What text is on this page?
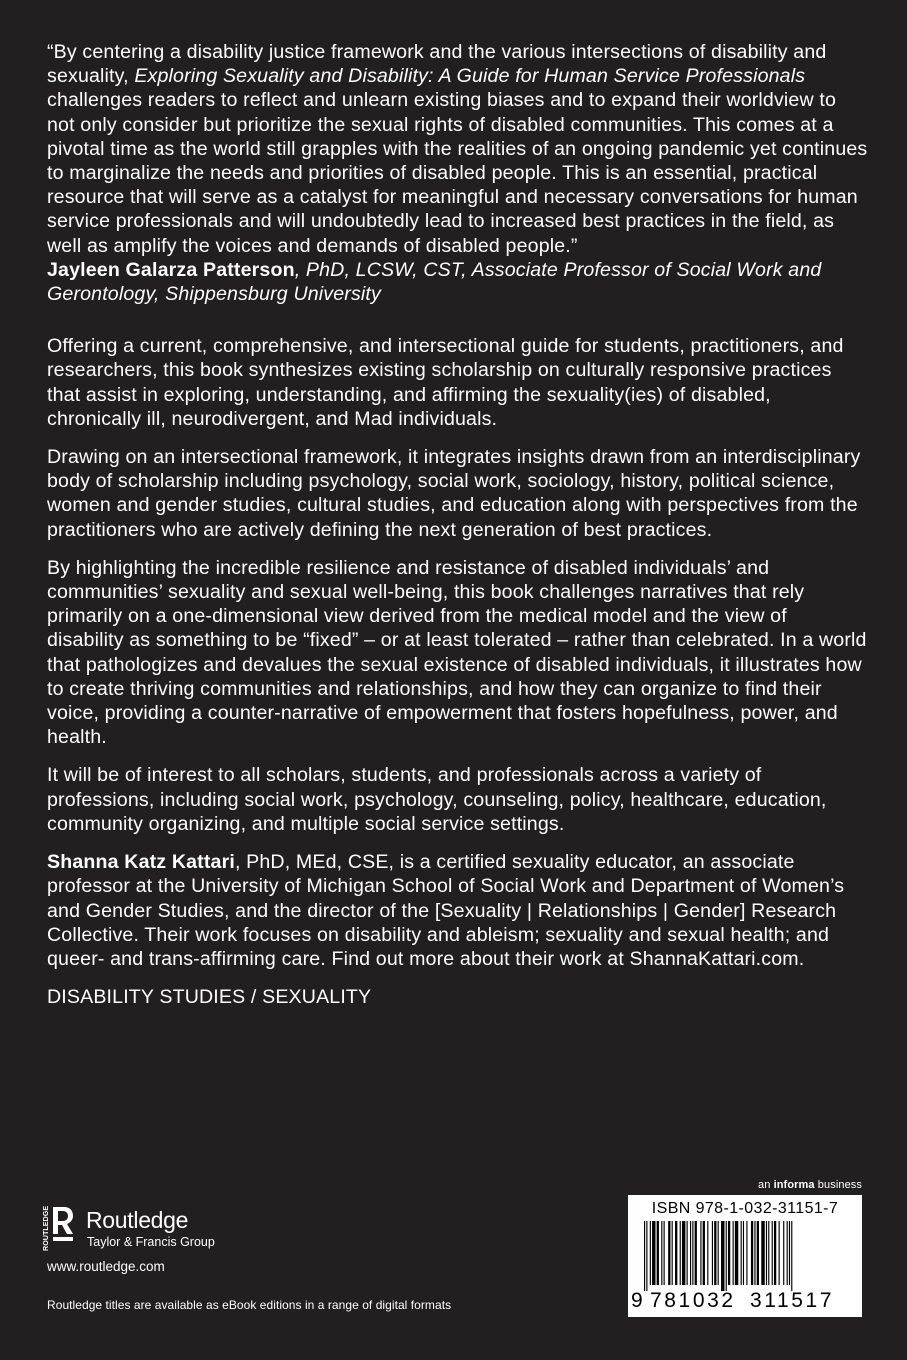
“By centering a disability justice framework and the various intersections of disability and sexuality, Exploring Sexuality and Disability: A Guide for Human Service Professionals challenges readers to reflect and unlearn existing biases and to expand their worldview to not only consider but prioritize the sexual rights of disabled communities. This comes at a pivotal time as the world still grapples with the realities of an ongoing pandemic yet continues to marginalize the needs and priorities of disabled people. This is an essential, practical resource that will serve as a catalyst for meaningful and necessary conversations for human service professionals and will undoubtedly lead to increased best practices in the field, as well as amplify the voices and demands of disabled people.”

Jayleen Galarza Patterson, PhD, LCSW, CST, Associate Professor of Social Work and Gerontology, Shippensburg University

Offering a current, comprehensive, and intersectional guide for students, practitioners, and researchers, this book synthesizes existing scholarship on culturally responsive practices that assist in exploring, understanding, and affirming the sexuality(ies) of disabled, chronically ill, neurodivergent, and Mad individuals.

Drawing on an intersectional framework, it integrates insights drawn from an interdisciplinary body of scholarship including psychology, social work, sociology, history, political science, women and gender studies, cultural studies, and education along with perspectives from the practitioners who are actively defining the next generation of best practices.

By highlighting the incredible resilience and resistance of disabled individuals’ and communities’ sexuality and sexual well-being, this book challenges narratives that rely primarily on a one-dimensional view derived from the medical model and the view of disability as something to be “fixed” – or at least tolerated – rather than celebrated. In a world that pathologizes and devalues the sexual existence of disabled individuals, it illustrates how to create thriving communities and relationships, and how they can organize to find their voice, providing a counter-narrative of empowerment that fosters hopefulness, power, and health.

It will be of interest to all scholars, students, and professionals across a variety of professions, including social work, psychology, counseling, policy, healthcare, education, community organizing, and multiple social service settings.

Shanna Katz Kattari, PhD, MEd, CSE, is a certified sexuality educator, an associate professor at the University of Michigan School of Social Work and Department of Women’s and Gender Studies, and the director of the [Sexuality | Relationships | Gender] Research Collective. Their work focuses on disability and ableism; sexuality and sexual health; and queer- and trans-affirming care. Find out more about their work at ShannaKattari.com.

DISABILITY STUDIES / SEXUALITY

an informa business
ROUTLEDGE Routledge
Taylor & Francis Group
www.routledge.com
Routledge titles are available as eBook editions in a range of digital formats
ISBN 978-1-032-31151-7
9 781032 311517
